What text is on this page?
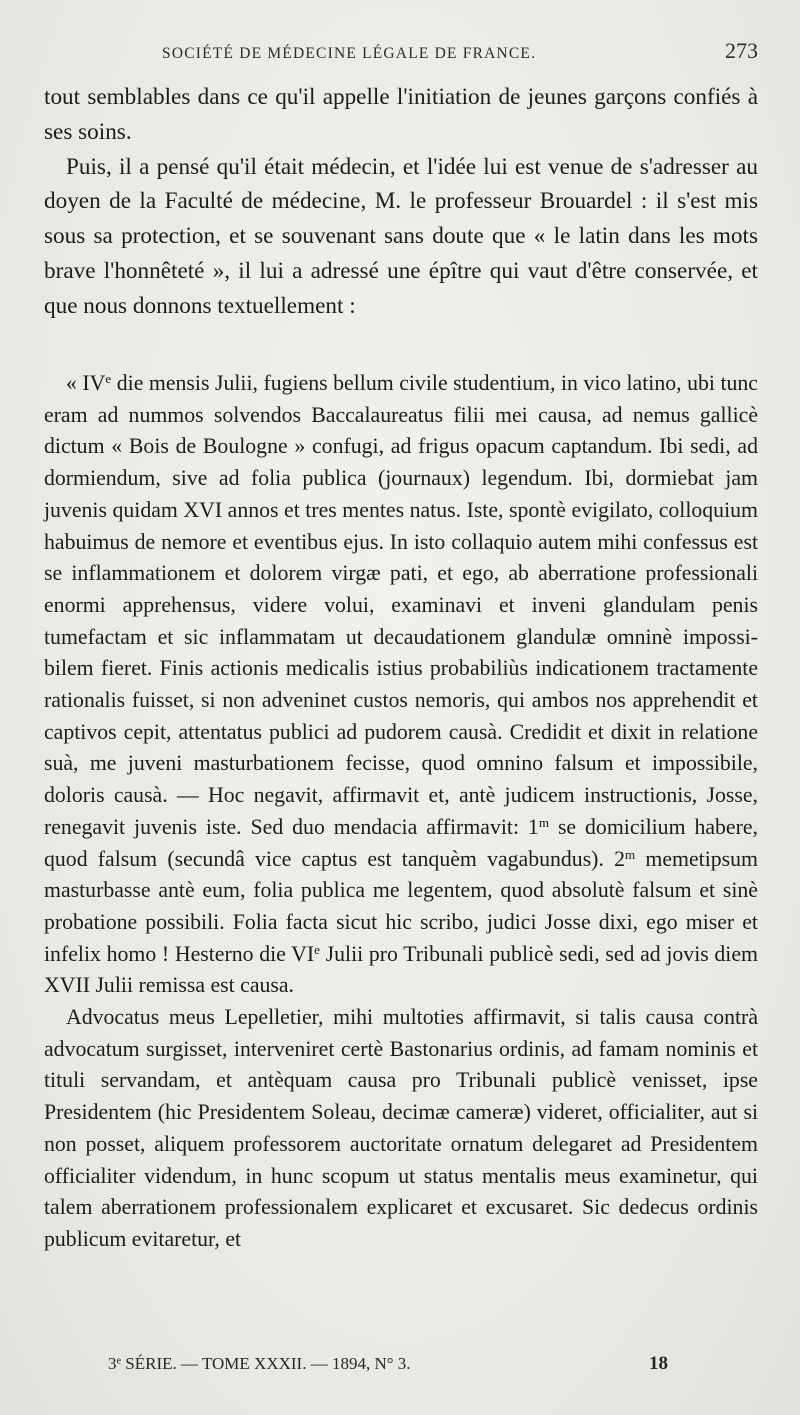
SOCIÉTÉ DE MÉDECINE LÉGALE DE FRANCE.	273

tout semblables dans ce qu'il appelle l'initiation de jeunes garçons confiés à ses soins.

Puis, il a pensé qu'il était médecin, et l'idée lui est venue de s'adresser au doyen de la Faculté de médecine, M. le professeur Brouardel : il s'est mis sous sa protection, et se souvenant sans doute que « le latin dans les mots brave l'honnêteté », il lui a adressé une épître qui vaut d'être conservée, et que nous donnons textuellement :

« IVe die mensis Julii, fugiens bellum civile studentium, in vico latino, ubi tunc eram ad nummos solvendos Baccalaureatus filii mei causa, ad nemus gallicè dictum « Bois de Boulogne » confugi, ad frigus opacum captandum. Ibi sedi, ad dormiendum, sive ad folia publica (journaux) legendum. Ibi, dormiebat jam juvenis quidam XVI annos et tres mentes natus. Iste, spontè evigilato, colloquium habuimus de nemore et eventibus ejus. In isto collaquio autem mihi confessus est se inflammationem et dolorem virgæ pati, et ego, ab aberratione professionali enormi apprehensus, videre volui, examinavi et inveni glandulam penis tumefactam et sic inflammatam ut decaudationem glandulæ omninè impossibilem fieret. Finis actionis medicalis istius probabiliùs indicationem tractamente rationalis fuisset, si non adveninet custos nemoris, qui ambos nos apprehendit et captivos cepit, attentatus publici ad pudorem causà. Credidit et dixit in relatione suà, me juveni masturbationem fecisse, quod omnino falsum et impossibile, doloris causà. — Hoc negavit, affirmavit et, antè judicem instructionis, Josse, renegavit juvenis iste. Sed duo mendacia affirmavit: 1$^m$ se domicilium habere, quod falsum (secundâ vice captus est tanquèm vagabundus). 2$^m$ memetipsum masturbasse antè eum, folia publica me legentem, quod absolutè falsum et sinè probatione possibili. Folia facta sicut hic scribo, judici Josse dixi, ego miser et infelix homo ! Hesterno die VIe Julii pro Tribunali publicè sedi, sed ad jovis diem XVII Julii remissa est causa.

Advocatus meus Lepelletier, mihi multoties affirmavit, si talis causa contrà advocatum surgisset, interveniret certè Bastonarius ordinis, ad famam nominis et tituli servandam, et antèquam causa pro Tribunali publicè venisset, ipse Presidentem (hic Presidentem Soleau, decimæ cameræ) videret, officialiter, aut si non posset, aliquem professorem auctoritate ornatum delegaret ad Presidentem officialiter videndum, in hunc scopum ut status mentalis meus examinetur, qui talem aberrationem professionalem explicaret et excusaret. Sic dedecus ordinis publicum evitaretur, et

3e SÉRIE. — TOME XXXII. — 1894, N° 3.	18
